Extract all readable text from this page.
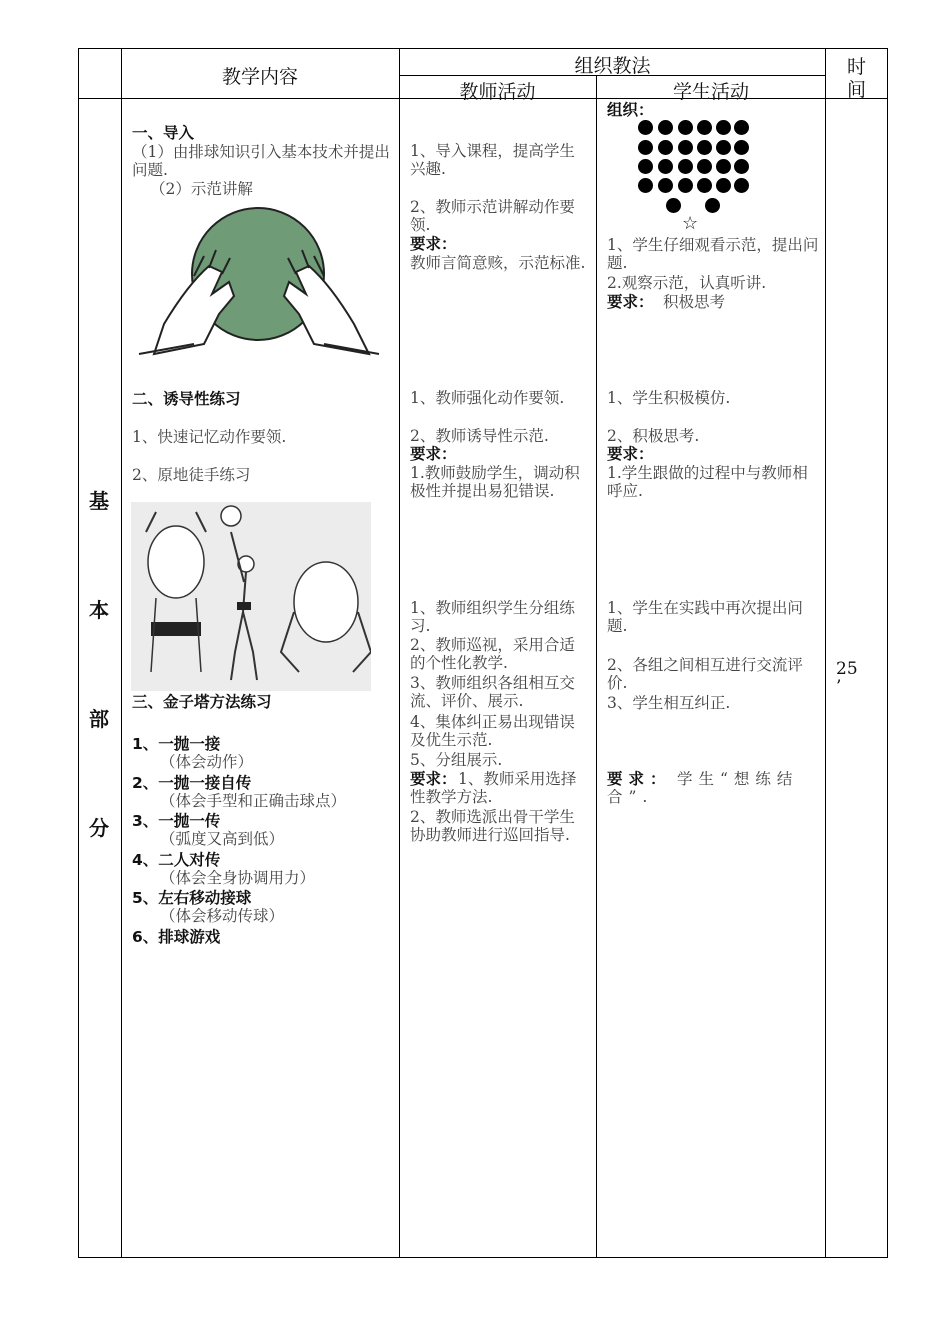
教学内容	组织教法
教师活动	学生活动
时
间
基
本
部
分
一、导入
（1）由排球知识引入基本技术并提出问题.
（2）示范讲解
二、诱导性练习
1、快速记忆动作要领.
2、原地徒手练习
三、金子塔方法练习
1、一抛一接
（体会动作）
2、一抛一接自传
（体会手型和正确击球点）
3、一抛一传
（弧度又高到低）
4、二人对传
（体会全身协调用力）
5、左右移动接球
（体会移动传球）
6、排球游戏
1、导入课程，提高学生兴趣.
2、教师示范讲解动作要领.
要求：
教师言简意赅，示范标准.
1、教师强化动作要领.
2、教师诱导性示范.
要求：
1.教师鼓励学生，调动积极性并提出易犯错误.
1、教师组织学生分组练习.
2、教师巡视，采用合适的个性化教学.
3、教师组织各组相互交流、评价、展示.
4、集体纠正易出现错误及优生示范.
5、分组展示.
要求： 1、教师采用选择性教学方法.
2、教师选派出骨干学生协助教师进行巡回指导.
组织：
☆
1、学生仔细观看示范，提出问题.
2.观察示范，认真听讲.
要求： 积极思考
1、学生积极模仿.
2、积极思考.
要求：
1.学生跟做的过程中与教师相呼应.
1、学生在实践中再次提出问题.
2、各组之间相互进行交流评价.
3、学生相互纠正.
要求： 学生“想练结合”.
25
’
